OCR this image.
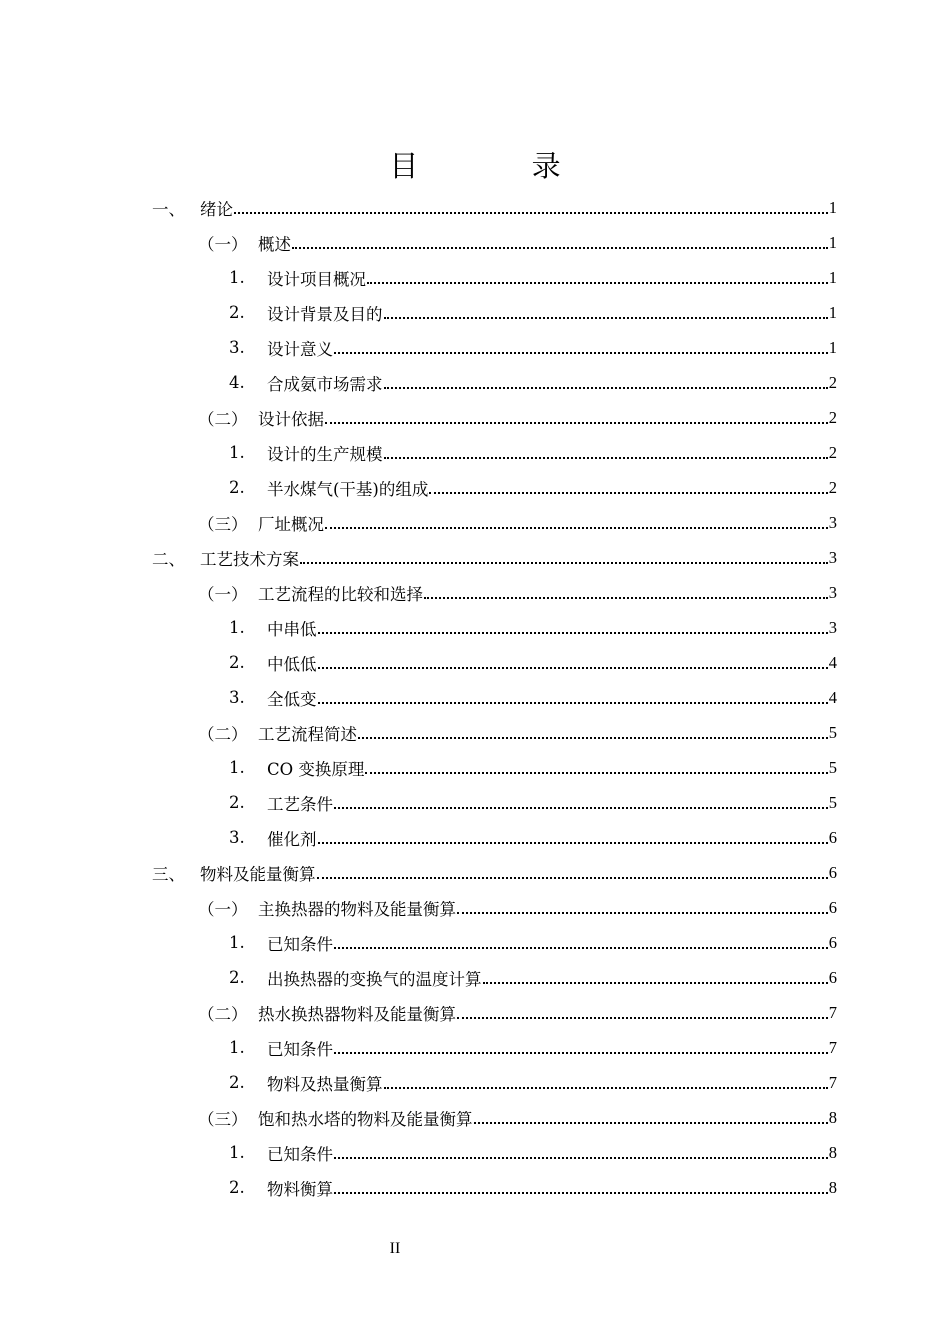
目 录
一、 绪论	1
（一） 概述	1
1.	设计项目概况	1
2.	设计背景及目的	1
3.	设计意义	1
4.	合成氨市场需求	2
（二） 设计依据	2
1.	设计的生产规模	2
2.	半水煤气(干基)的组成	2
（三） 厂址概况	3
二、 工艺技术方案	3
（一） 工艺流程的比较和选择	3
1.	中串低	3
2.	中低低	4
3.	全低变	4
（二） 工艺流程简述	5
1.	CO 变换原理	5
2.	工艺条件	5
3.	催化剂	6
三、 物料及能量衡算	6
（一） 主换热器的物料及能量衡算	6
1.	已知条件	6
2.	出换热器的变换气的温度计算	6
（二） 热水换热器物料及能量衡算	7
1.	已知条件	7
2.	物料及热量衡算	7
（三） 饱和热水塔的物料及能量衡算	8
1.	已知条件	8
2.	物料衡算	8
II
